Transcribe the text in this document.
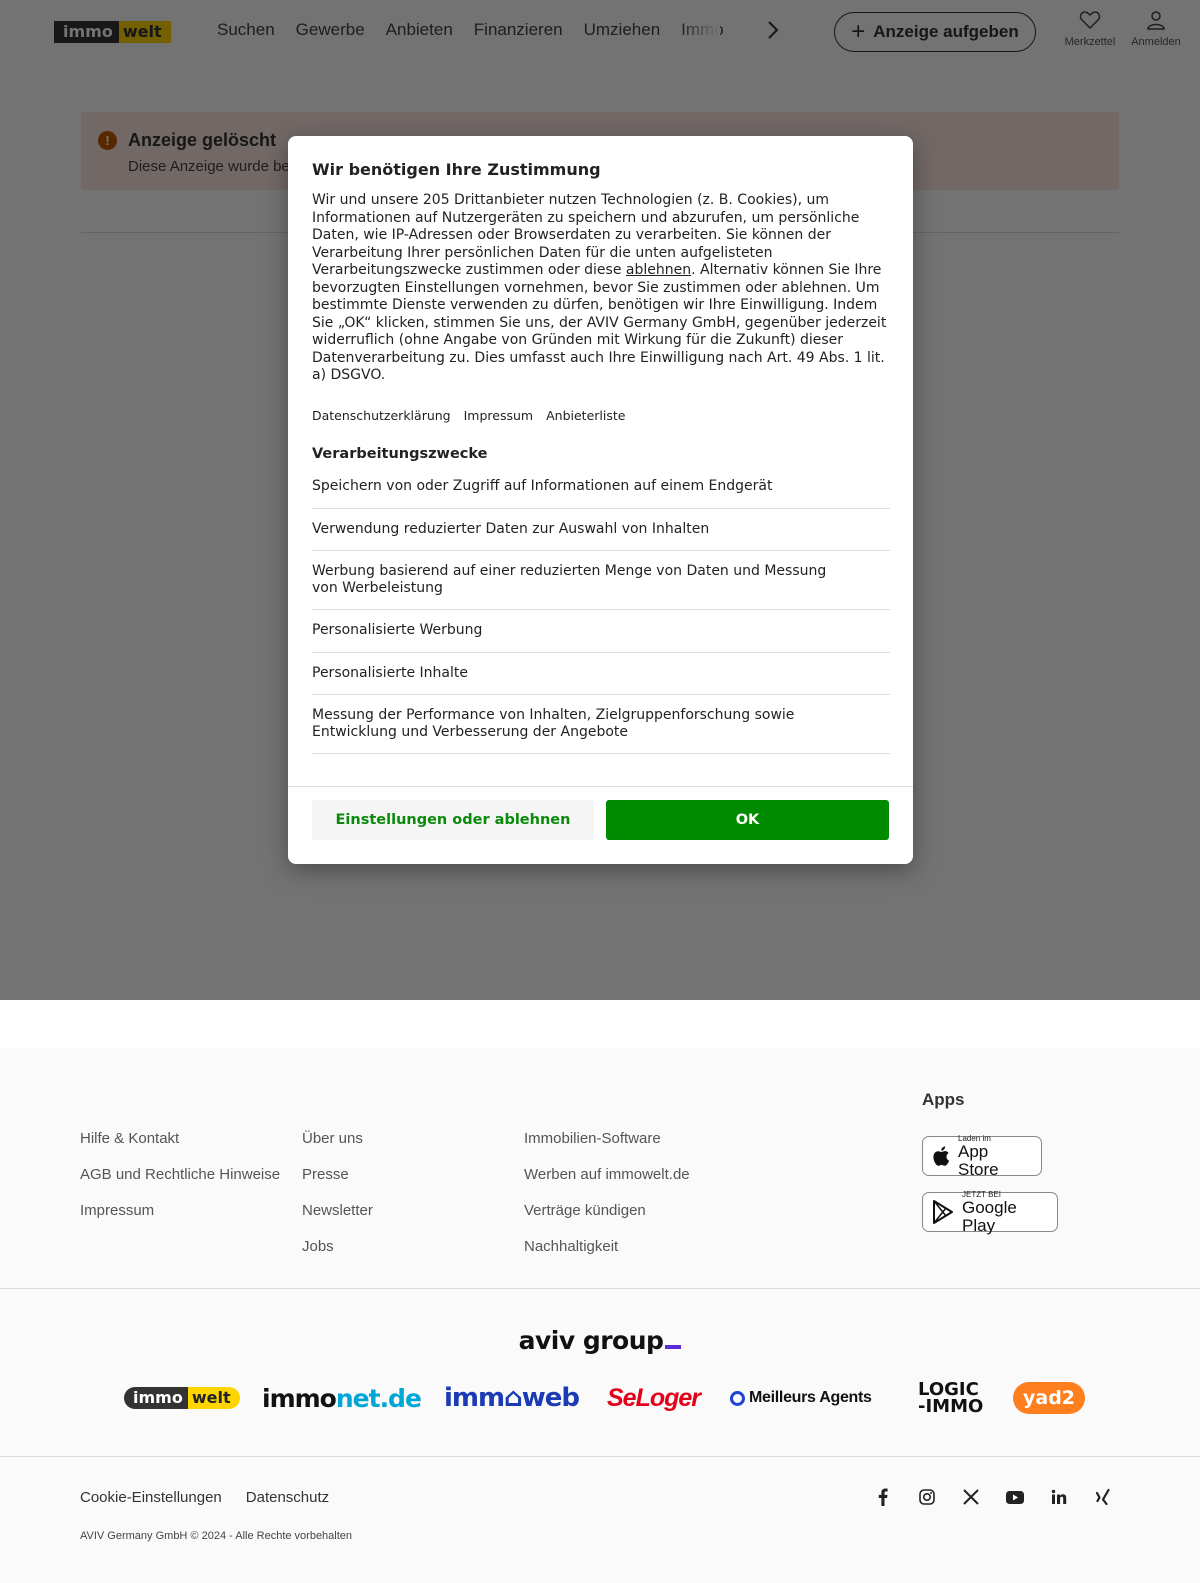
Wir benötigen Ihre Zustimmung
Wir und unsere 205 Drittanbieter nutzen Technologien (z. B. Cookies), um Informationen auf Nutzergeräten zu speichern und abzurufen, um persönliche Daten, wie IP-Adressen oder Browserdaten zu verarbeiten. Sie können der Verarbeitung Ihrer persönlichen Daten für die unten aufgelisteten Verarbeitungszwecke zustimmen oder diese ablehnen. Alternativ können Sie Ihre bevorzugten Einstellungen vornehmen, bevor Sie zustimmen oder ablehnen. Um bestimmte Dienste verwenden zu dürfen, benötigen wir Ihre Einwilligung. Indem Sie „OK“ klicken, stimmen Sie uns, der AVIV Germany GmbH, gegenüber jederzeit widerruflich (ohne Angabe von Gründen mit Wirkung für die Zukunft) dieser Datenverarbeitung zu. Dies umfasst auch Ihre Einwilligung nach Art. 49 Abs. 1 lit. a) DSGVO.
Datenschutzerklärung Impressum Anbieterliste
Verarbeitungszwecke
Speichern von oder Zugriff auf Informationen auf einem Endgerät
Verwendung reduzierter Daten zur Auswahl von Inhalten
Werbung basierend auf einer reduzierten Menge von Daten und Messung von Werbeleistung
Personalisierte Werbung
Personalisierte Inhalte
Messung der Performance von Inhalten, Zielgruppenforschung sowie Entwicklung und Verbesserung der Angebote
Einstellungen oder ablehnen	OK
Hilfe & Kontakt
AGB und Rechtliche Hinweise
Impressum
Über uns
Presse
Newsletter
Jobs
Immobilien-Software
Werben auf immowelt.de
Verträge kündigen
Nachhaltigkeit
Apps
Laden im
App Store
JETZT BEI
Google Play
aviv group
immo welt	immo net.de imm⌂web SeLoger	Meilleurs Agents	LOGIC
-IMMO	yad2
Cookie-Einstellungen Datenschutz
AVIV Germany GmbH © 2024 - Alle Rechte vorbehalten
